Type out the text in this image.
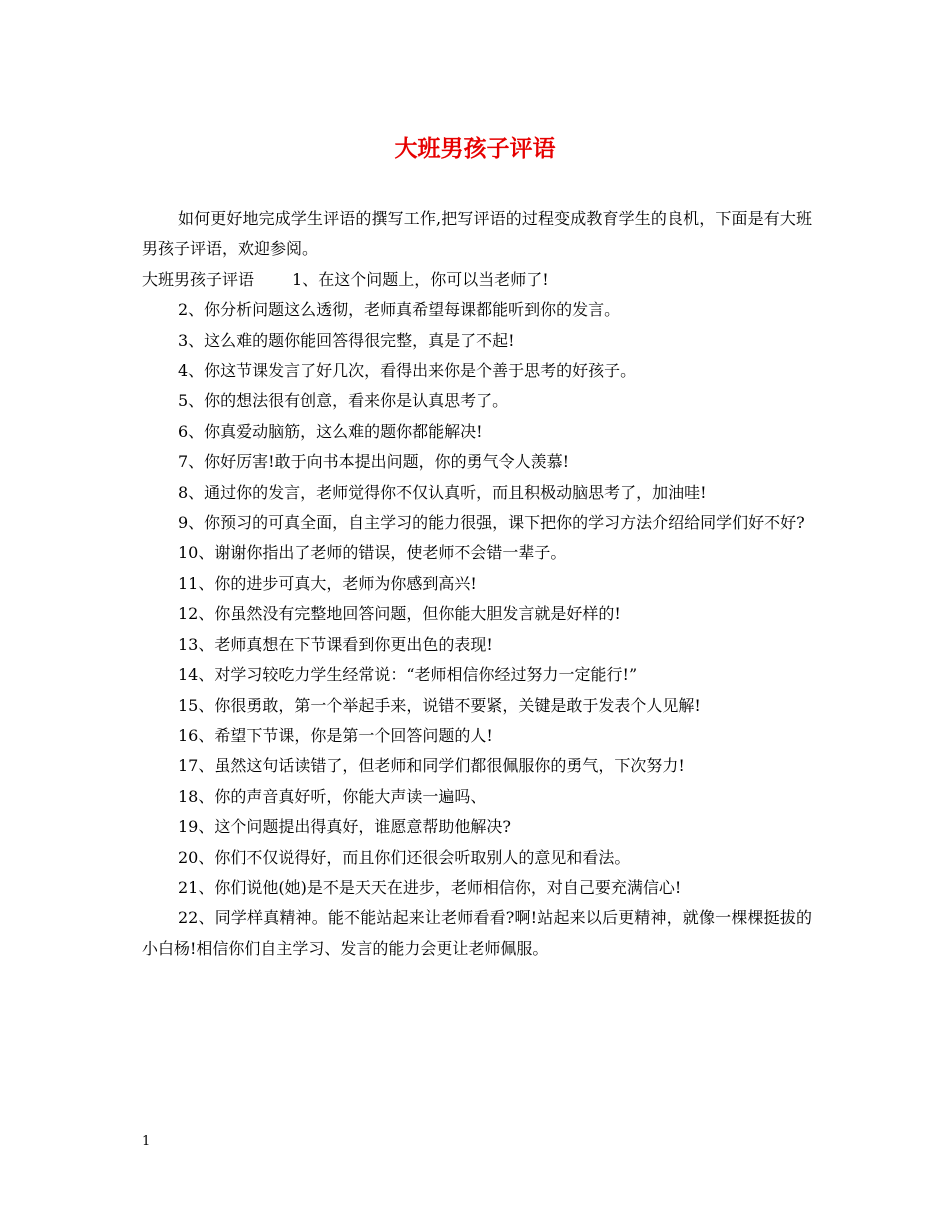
大班男孩子评语

如何更好地完成学生评语的撰写工作,把写评语的过程变成教育学生的良机，下面是有大班男孩子评语，欢迎参阅。

大班男孩子评语 1、在这个问题上，你可以当老师了!

2、你分析问题这么透彻，老师真希望每课都能听到你的发言。

3、这么难的题你能回答得很完整，真是了不起!

4、你这节课发言了好几次，看得出来你是个善于思考的好孩子。

5、你的想法很有创意，看来你是认真思考了。

6、你真爱动脑筋，这么难的题你都能解决!

7、你好厉害!敢于向书本提出问题，你的勇气令人羡慕!

8、通过你的发言，老师觉得你不仅认真听，而且积极动脑思考了，加油哇!

9、你预习的可真全面，自主学习的能力很强，课下把你的学习方法介绍给同学们好不好?

10、谢谢你指出了老师的错误，使老师不会错一辈子。

11、你的进步可真大，老师为你感到高兴!

12、你虽然没有完整地回答问题，但你能大胆发言就是好样的!

13、老师真想在下节课看到你更出色的表现!

14、对学习较吃力学生经常说：“老师相信你经过努力一定能行!”

15、你很勇敢，第一个举起手来，说错不要紧，关键是敢于发表个人见解!

16、希望下节课，你是第一个回答问题的人!

17、虽然这句话读错了，但老师和同学们都很佩服你的勇气，下次努力!

18、你的声音真好听，你能大声读一遍吗、

19、这个问题提出得真好，谁愿意帮助他解决?

20、你们不仅说得好，而且你们还很会听取别人的意见和看法。

21、你们说他(她)是不是天天在进步，老师相信你，对自己要充满信心!

22、同学样真精神。能不能站起来让老师看看?啊!站起来以后更精神，就像一棵棵挺拔的小白杨!相信你们自主学习、发言的能力会更让老师佩服。

1
